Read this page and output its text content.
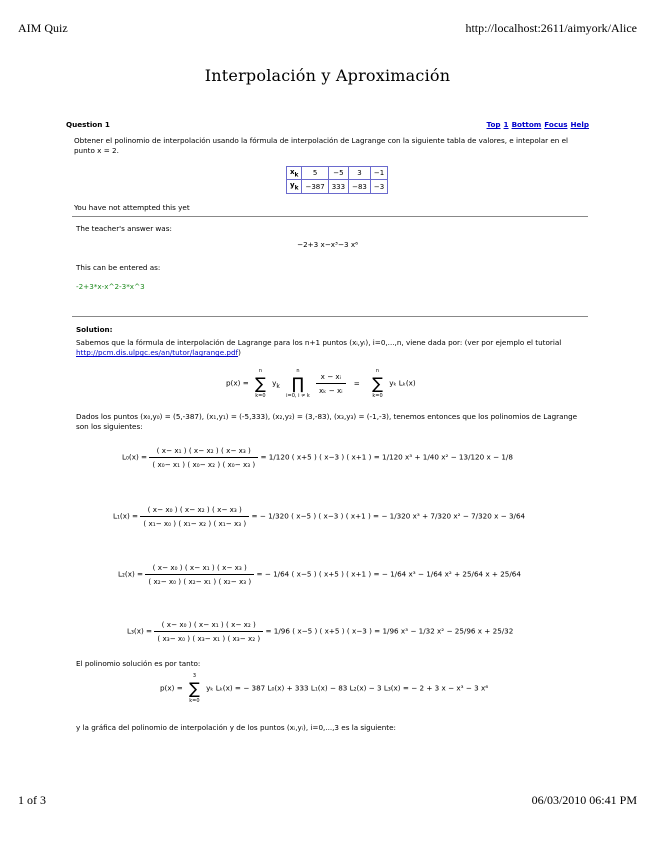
AIM Quiz	http://localhost:2611/aimyork/Alice
Interpolación y Aproximación
Question 1	Top 1 Bottom Focus Help
Obtener el polinomio de interpolación usando la fórmula de interpolación de Lagrange con la siguiente tabla de valores, e intepolar en el punto x = 2.
$x_k$	5	−5	3	−1
$y_k$	−387	333	−83	−3
You have not attempted this yet
The teacher's answer was:
−2+3 x−x³−3 x⁶
This can be entered as:
-2+3*x-x^2-3*x^3
Solution:
Sabemos que la fórmula de interpolación de Lagrange para los n+1 puntos (xᵢ,yᵢ), i=0,...,n, viene dada por: (ver por ejemplo el tutorial http://pcm.dis.ulpgc.es/an/tutor/lagrange.pdf)
p(x) =
n
∑
k=0
$y_k$
n
∏
i=0, i ≠ k

$\frac{\text{x − xᵢ}}{\text{xₖ − xᵢ}}$ =
n
∑
k=0
yₖ Lₖ(x)
Dados los puntos (x₀,y₀) = (5,-387), (x₁,y₁) = (-5,333), (x₂,y₂) = (3,-83), (x₃,y₃) = (-1,-3), tenemos entonces que los polinomios de Lagrange son los siguientes:
$L_0(x) = \frac{\text{( x− x₁ ) ( x− x₂ ) ( x− x₃ )}}{\text{( x₀− x₁ ) ( x₀− x₂ ) ( x₀− x₃ )}} = 1/120$ ( x+5 ) ( x−3 ) ( x+1 ) = 1/120 x³ + 1/40 x² − 13/120 x − 1/8
$L_1(x) = \frac{\text{( x− x₀ ) ( x− x₂ ) ( x− x₃ )}}{\text{( x₁− x₀ ) ( x₁− x₂ ) ( x₁− x₃ )}}$ = − 1/320 ( x−5 ) ( x−3 ) ( x+1 ) = − 1/320 x³ + 7/320 x² − 7/320 x − 3/64
$L_2(x) = \frac{\text{( x− x₀ ) ( x− x₁ ) ( x− x₃ )}}{\text{( x₂− x₀ ) ( x₂− x₁ ) ( x₂− x₃ )}}$ = − 1/64 ( x−5 ) ( x+5 ) ( x+1 ) = − 1/64 x³ − 1/64 x² + 25/64 x + 25/64
$L_3(x) = \frac{\text{( x− x₀ ) ( x− x₁ ) ( x− x₂ )}}{\text{( x₃− x₀ ) ( x₃− x₁ ) ( x₃− x₂ )}} = 1/96$ ( x−5 ) ( x+5 ) ( x−3 ) = 1/96 x³ − 1/32 x² − 25/96 x + 25/32
El polinomio solución es por tanto:
p(x) =
3
∑
k=0
yₖ Lₖ(x) = − 387 L₀(x) + 333 L₁(x) − 83 L₂(x) − 3 L₃(x) = − 2 + 3 x − x³ − 3 x⁶
y la gráfica del polinomio de interpolación y de los puntos (xᵢ,yᵢ), i=0,...,3 es la siguiente:
1 of 3	06/03/2010 06:41 PM
